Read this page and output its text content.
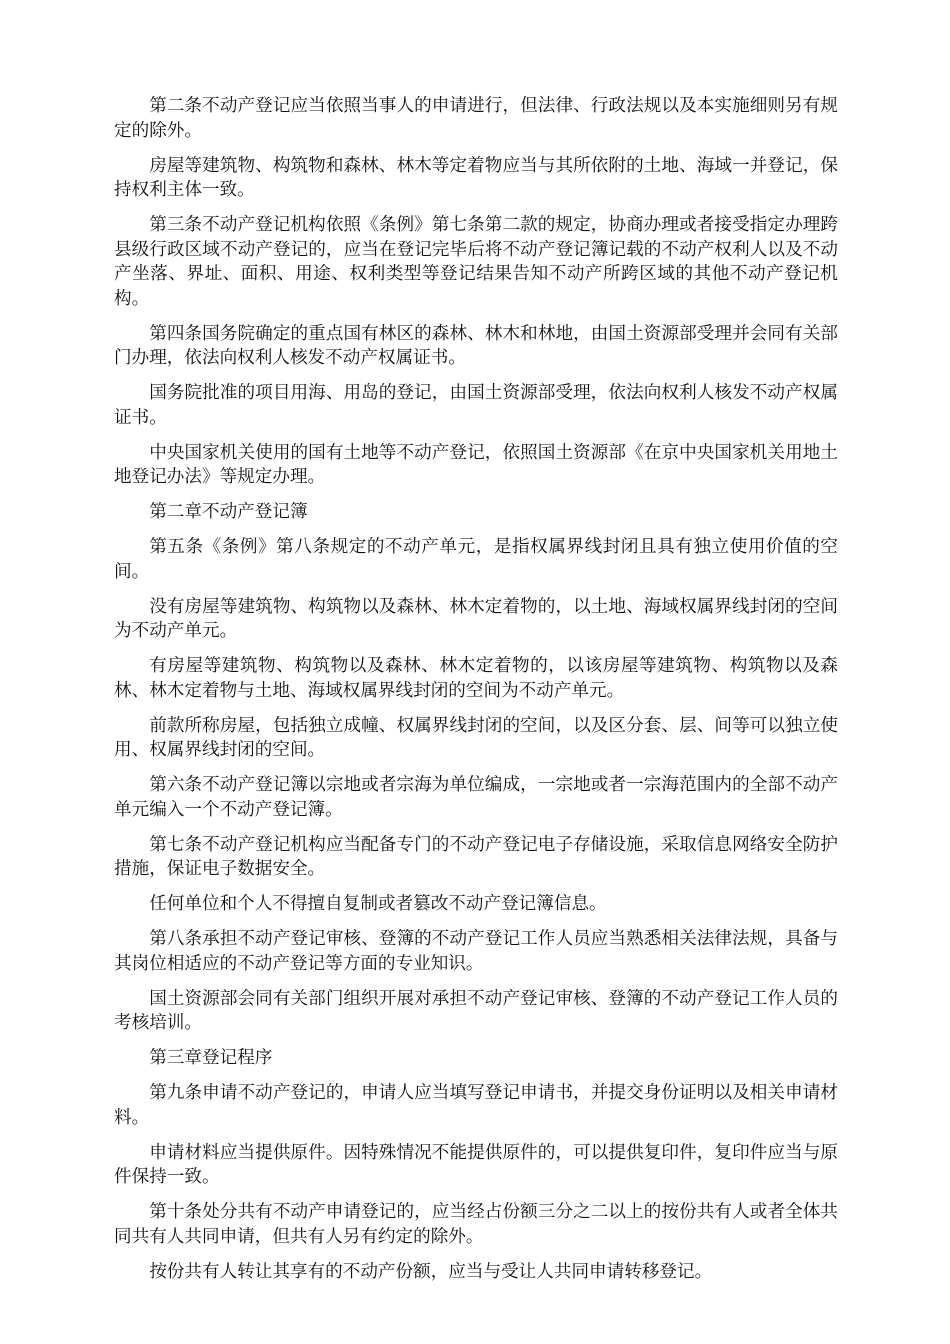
第二条不动产登记应当依照当事人的申请进行，但法律、行政法规以及本实施细则另有规定的除外。

房屋等建筑物、构筑物和森林、林木等定着物应当与其所依附的土地、海域一并登记，保持权利主体一致。

第三条不动产登记机构依照《条例》第七条第二款的规定，协商办理或者接受指定办理跨县级行政区域不动产登记的，应当在登记完毕后将不动产登记簿记载的不动产权利人以及不动产坐落、界址、面积、用途、权利类型等登记结果告知不动产所跨区域的其他不动产登记机构。

第四条国务院确定的重点国有林区的森林、林木和林地，由国土资源部受理并会同有关部门办理，依法向权利人核发不动产权属证书。

国务院批准的项目用海、用岛的登记，由国土资源部受理，依法向权利人核发不动产权属证书。

中央国家机关使用的国有土地等不动产登记，依照国土资源部《在京中央国家机关用地土地登记办法》等规定办理。

第二章不动产登记簿

第五条《条例》第八条规定的不动产单元，是指权属界线封闭且具有独立使用价值的空间。

没有房屋等建筑物、构筑物以及森林、林木定着物的，以土地、海域权属界线封闭的空间为不动产单元。

有房屋等建筑物、构筑物以及森林、林木定着物的，以该房屋等建筑物、构筑物以及森林、林木定着物与土地、海域权属界线封闭的空间为不动产单元。

前款所称房屋，包括独立成幢、权属界线封闭的空间，以及区分套、层、间等可以独立使用、权属界线封闭的空间。

第六条不动产登记簿以宗地或者宗海为单位编成，一宗地或者一宗海范围内的全部不动产单元编入一个不动产登记簿。

第七条不动产登记机构应当配备专门的不动产登记电子存储设施，采取信息网络安全防护措施，保证电子数据安全。

任何单位和个人不得擅自复制或者篡改不动产登记簿信息。

第八条承担不动产登记审核、登簿的不动产登记工作人员应当熟悉相关法律法规，具备与其岗位相适应的不动产登记等方面的专业知识。

国土资源部会同有关部门组织开展对承担不动产登记审核、登簿的不动产登记工作人员的考核培训。

第三章登记程序

第九条申请不动产登记的，申请人应当填写登记申请书，并提交身份证明以及相关申请材料。

申请材料应当提供原件。因特殊情况不能提供原件的，可以提供复印件，复印件应当与原件保持一致。

第十条处分共有不动产申请登记的，应当经占份额三分之二以上的按份共有人或者全体共同共有人共同申请，但共有人另有约定的除外。

按份共有人转让其享有的不动产份额，应当与受让人共同申请转移登记。
